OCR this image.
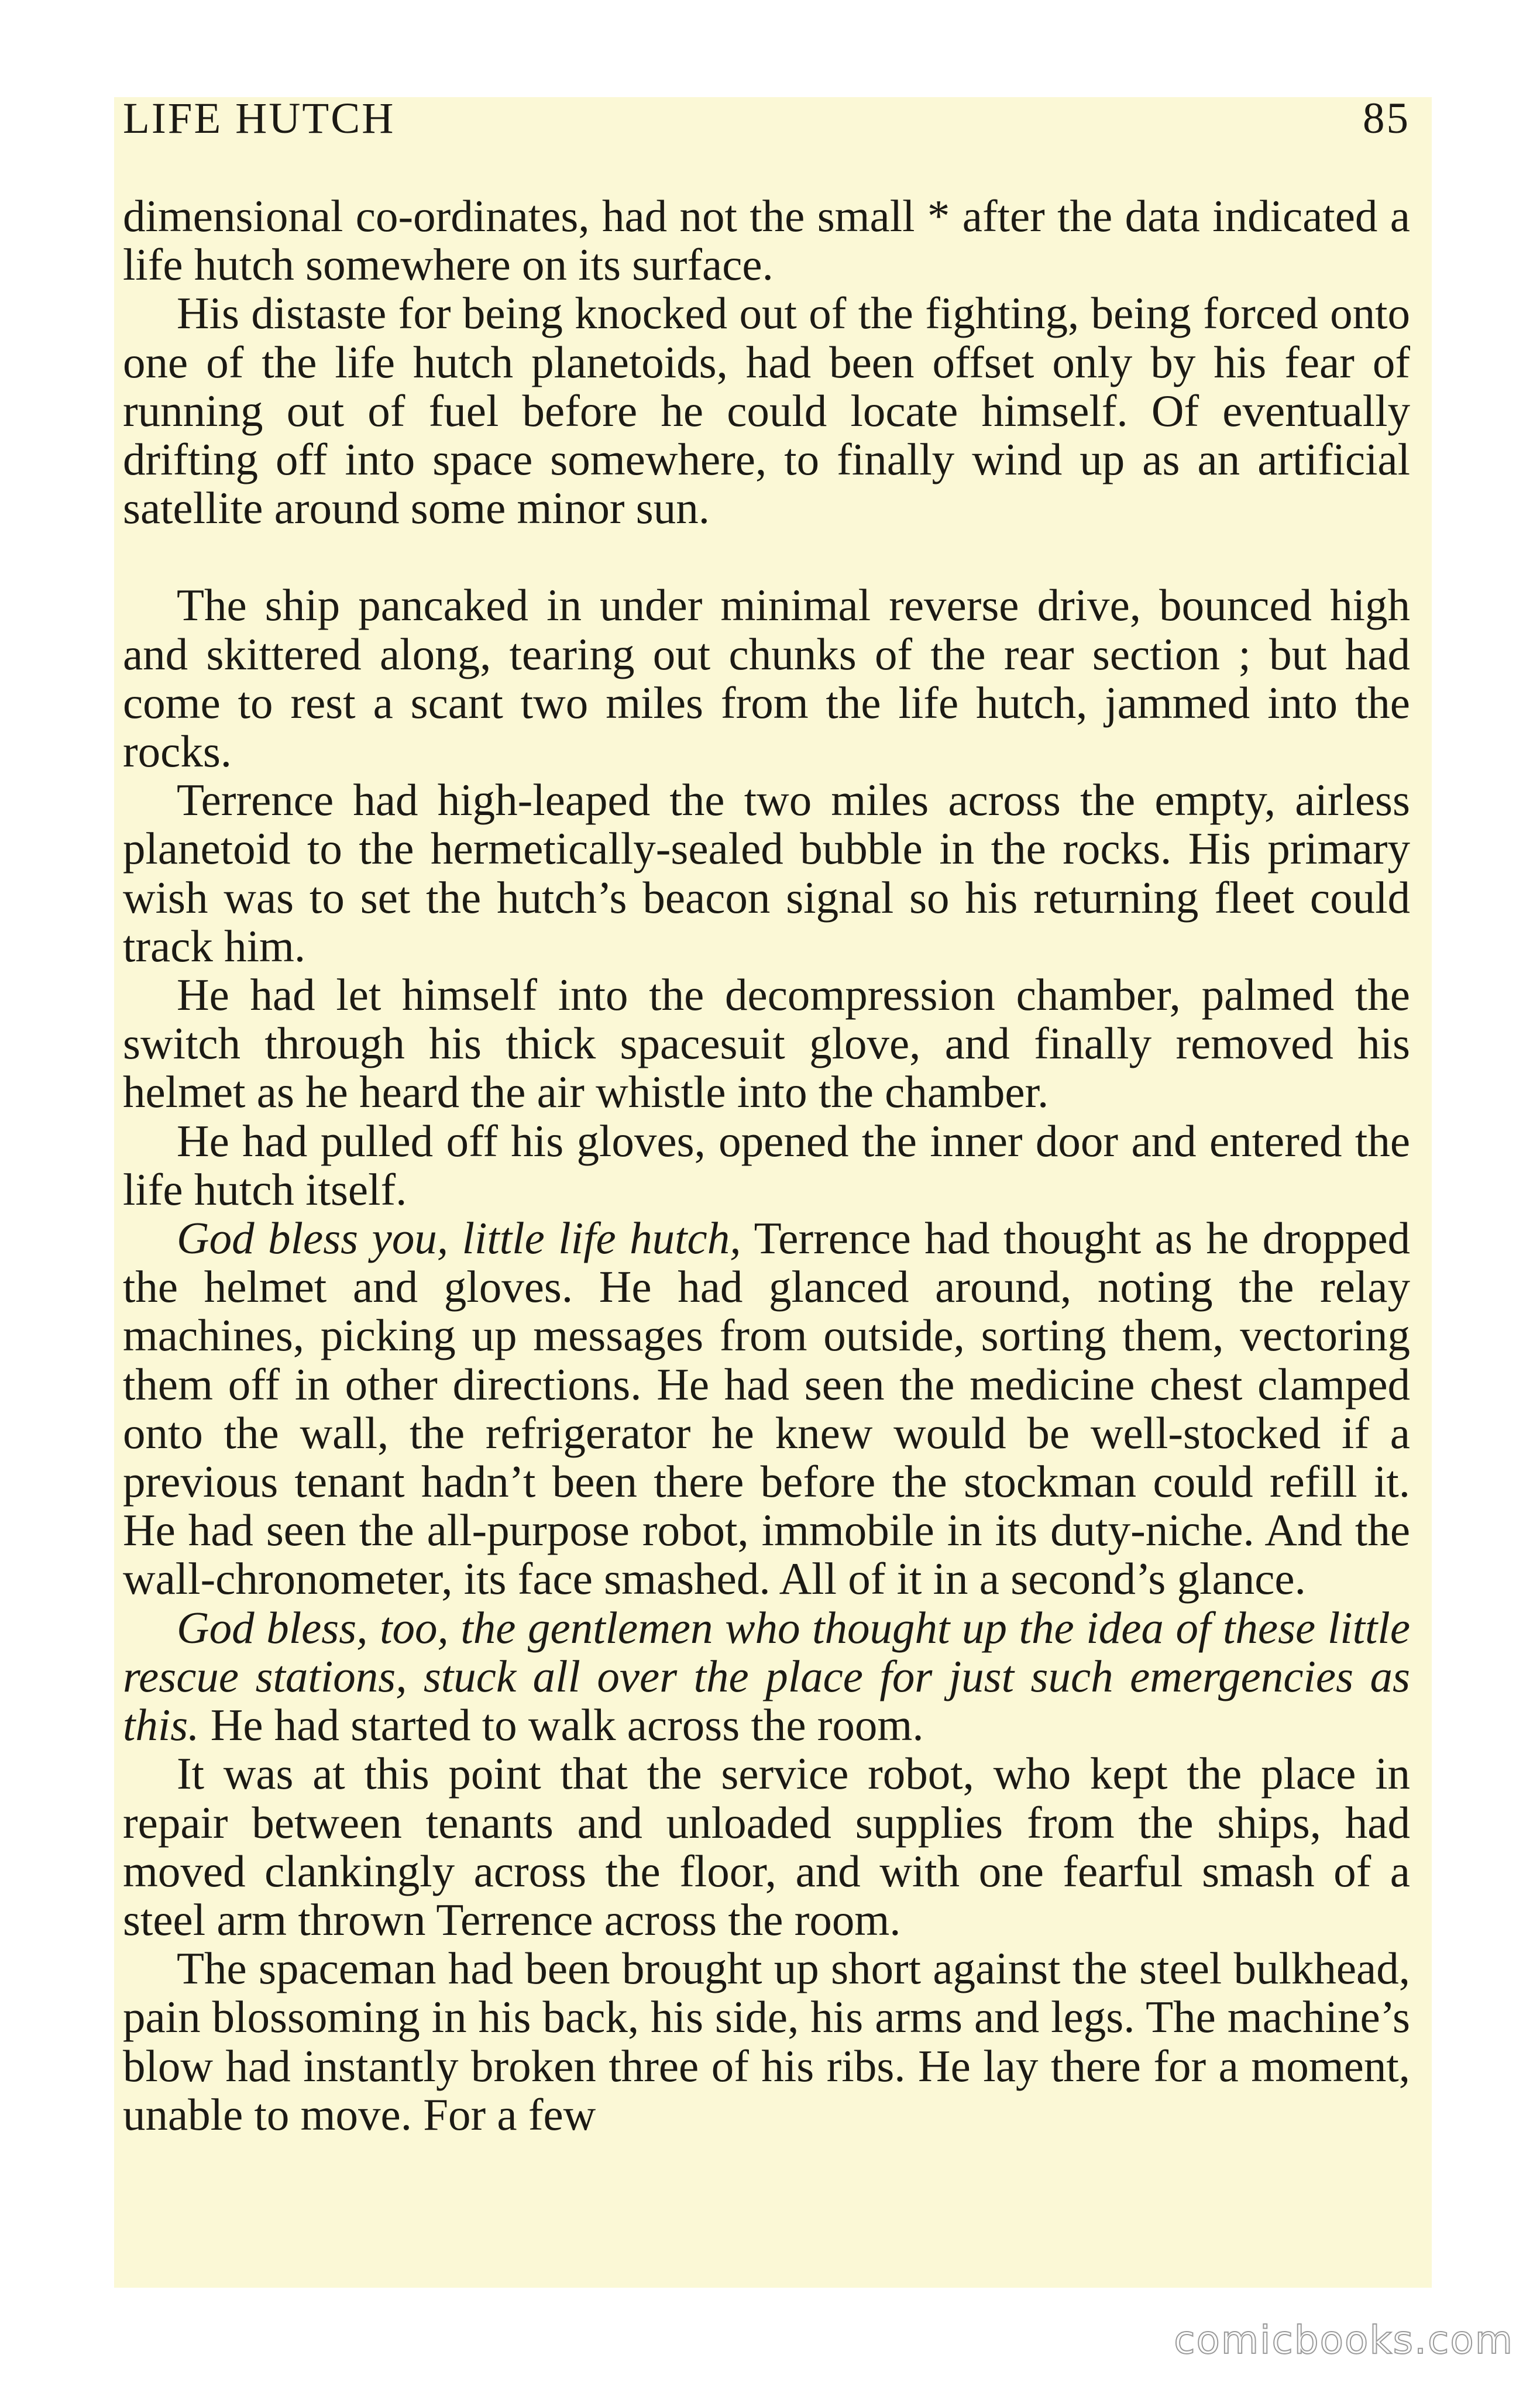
LIFE HUTCH	85

dimensional co-ordinates, had not the small * after the data indicated a life hutch somewhere on its surface.

His distaste for being knocked out of the fighting, being forced onto one of the life hutch planetoids, had been offset only by his fear of running out of fuel before he could locate himself. Of eventually drifting off into space somewhere, to finally wind up as an artificial satellite around some minor sun.

The ship pancaked in under minimal reverse drive, bounced high and skittered along, tearing out chunks of the rear section ; but had come to rest a scant two miles from the life hutch, jammed into the rocks.

Terrence had high-leaped the two miles across the empty, airless planetoid to the hermetically-sealed bubble in the rocks. His primary wish was to set the hutch’s beacon signal so his returning fleet could track him.

He had let himself into the decompression chamber, palmed the switch through his thick spacesuit glove, and finally removed his helmet as he heard the air whistle into the chamber.

He had pulled off his gloves, opened the inner door and entered the life hutch itself.

God bless you, little life hutch, Terrence had thought as he dropped the helmet and gloves. He had glanced around, noting the relay machines, picking up messages from outside, sorting them, vectoring them off in other directions. He had seen the medicine chest clamped onto the wall, the refrigerator he knew would be well-stocked if a previous tenant hadn’t been there before the stockman could refill it. He had seen the all-purpose robot, immobile in its duty-niche. And the wall-chronometer, its face smashed. All of it in a second’s glance.

God bless, too, the gentlemen who thought up the idea of these little rescue stations, stuck all over the place for just such emergencies as this. He had started to walk across the room.

It was at this point that the service robot, who kept the place in repair between tenants and unloaded supplies from the ships, had moved clankingly across the floor, and with one fearful smash of a steel arm thrown Terrence across the room.

The spaceman had been brought up short against the steel bulkhead, pain blossoming in his back, his side, his arms and legs. The machine’s blow had instantly broken three of his ribs. He lay there for a moment, unable to move. For a few

comicbooks.com
